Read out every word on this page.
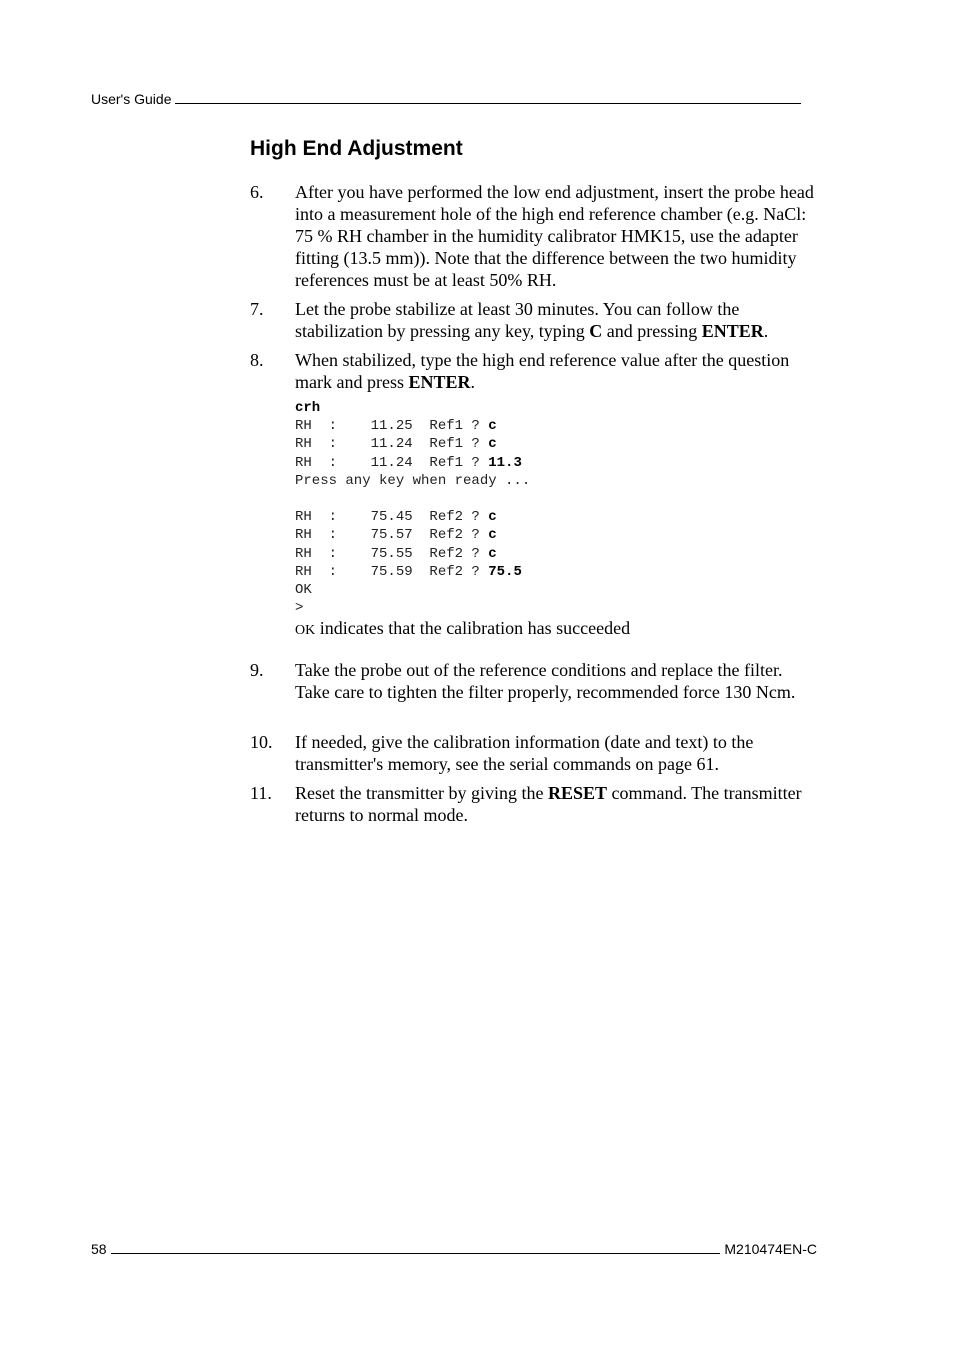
User's Guide
High End Adjustment
6. After you have performed the low end adjustment, insert the probe head into a measurement hole of the high end reference chamber (e.g. NaCl: 75 % RH chamber in the humidity calibrator HMK15, use the adapter fitting (13.5 mm)). Note that the difference between the two humidity references must be at least 50% RH.
7. Let the probe stabilize at least 30 minutes. You can follow the stabilization by pressing any key, typing C and pressing ENTER.
8. When stabilized, type the high end reference value after the question mark and press ENTER.
crh
RH  :    11.25  Ref1 ? c
RH  :    11.24  Ref1 ? c
RH  :    11.24  Ref1 ? 11.3
Press any key when ready ...

RH  :    75.45  Ref2 ? c
RH  :    75.57  Ref2 ? c
RH  :    75.55  Ref2 ? c
RH  :    75.59  Ref2 ? 75.5
OK
>
OK indicates that the calibration has succeeded
9. Take the probe out of the reference conditions and replace the filter. Take care to tighten the filter properly, recommended force 130 Ncm.
10. If needed, give the calibration information (date and text) to the transmitter's memory, see the serial commands on page 61.
11. Reset the transmitter by giving the RESET command. The transmitter returns to normal mode.
58	M210474EN-C
